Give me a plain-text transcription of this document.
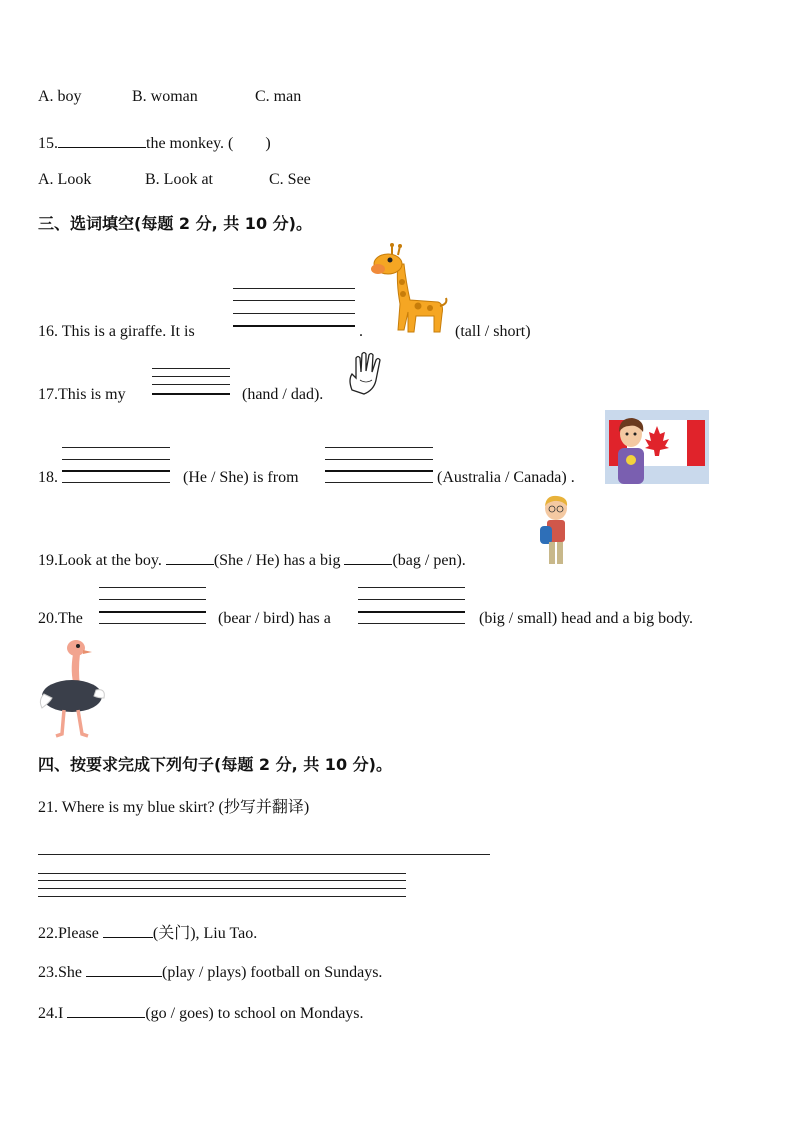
A. boy	B. woman	C. man
15.	the monkey. (　　)
A. Look	B. Look at	C. See
三、选词填空(每题 2 分, 共 10 分)。
16. This is a giraffe. It is	.	(tall / short)
17.This is my	(hand / dad).
18.	(He / She) is from	(Australia / Canada) .
19.Look at the boy.	(She / He) has a big	(bag / pen).
20.The	(bear / bird) has a	(big / small) head and a big body.
四、按要求完成下列句子(每题 2 分, 共 10 分)。
21. Where is my blue skirt? (抄写并翻译)
22.Please	(关门), Liu Tao.
23.She	(play / plays) football on Sundays.
24.I	(go / goes) to school on Mondays.
